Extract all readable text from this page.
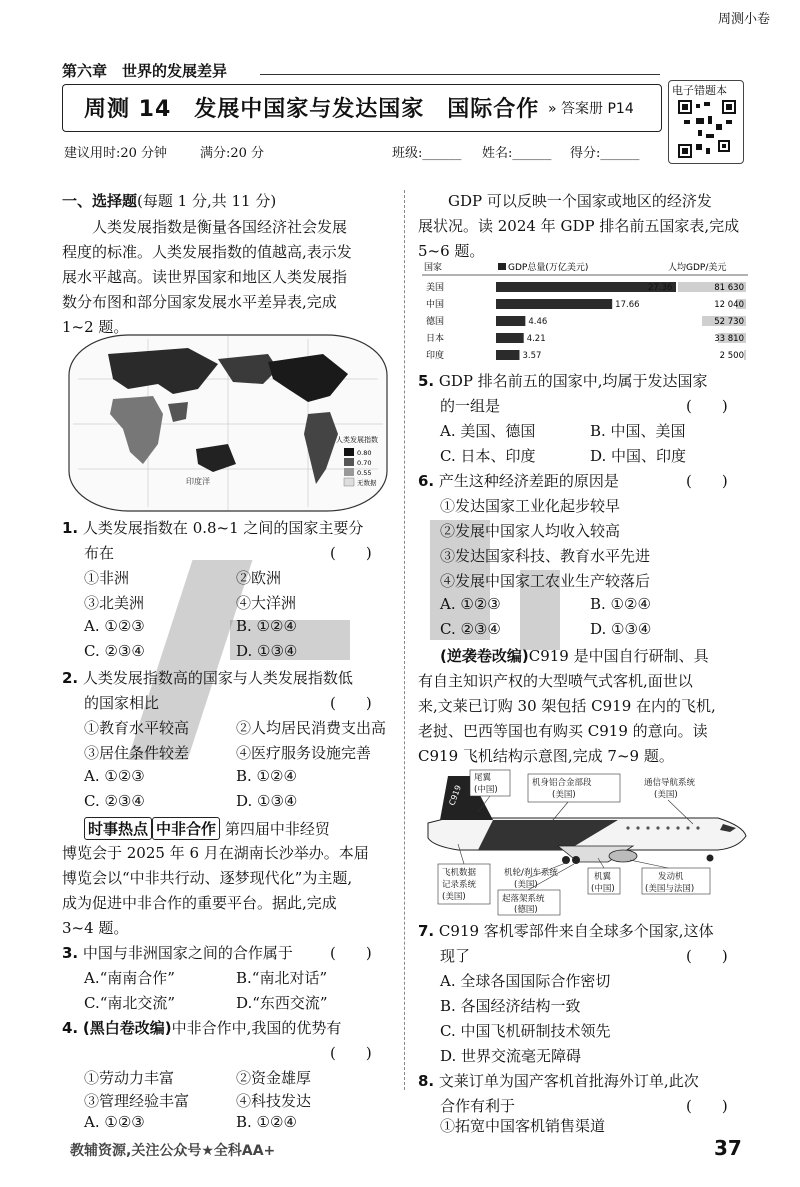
周测小卷
第六章　世界的发展差异
周测 14　发展中国家与发达国家　国际合作 » 答案册 P14
电子错题本
建议用时:20 分钟	满分:20 分	班级:______ 姓名:______ 得分:______
一、选择题(每题 1 分,共 11 分)
人类发展指数是衡量各国经济社会发展
程度的标准。人类发展指数的值越高,表示发
展水平越高。读世界国家和地区人类发展指
数分布图和部分国家发展水平差异表,完成
1~2 题。
印度洋
人类发展指数
0.80
0.70
0.55
无数据
1. 人类发展指数在 0.8~1 之间的国家主要分
布在	(　　)
①非洲	②欧洲
③北美洲	④大洋洲
A. ①②③	B. ①②④
C. ②③④	D. ①③④
2. 人类发展指数高的国家与人类发展指数低
的国家相比	(　　)
①教育水平较高	②人均居民消费支出高
③居住条件较差	④医疗服务设施完善
A. ①②③	B. ①②④
C. ②③④	D. ①③④
时事热点 中非合作 第四届中非经贸
博览会于 2025 年 6 月在湖南长沙举办。本届
博览会以“中非共行动、逐梦现代化”为主题,
成为促进中非合作的重要平台。据此,完成
3~4 题。
3. 中国与非洲国家之间的合作属于 (　　)
A.“南南合作”	B.“南北对话”
C.“南北交流”	D.“东西交流”
4. (黑白卷改编)中非合作中,我国的优势有
(　　)
①劳动力丰富	②资金雄厚
③管理经验丰富	④科技发达
A. ①②③	B. ①②④
GDP 可以反映一个国家或地区的经济发
展状况。读 2024 年 GDP 排名前五国家表,完成
5~6 题。
国家	GDP总量(万亿美元)	人均GDP/美元
美国	27.36	81 630
中国	17.66	12 040
德国	4.46	52 730
日本	4.21	33 810
印度	3.57	2 500
5. GDP 排名前五的国家中,均属于发达国家
的一组是	(　　)
A. 美国、德国	B. 中国、美国
C. 日本、印度	D. 中国、印度
6. 产生这种经济差距的原因是	(　　)
①发达国家工业化起步较早
②发展中国家人均收入较高
③发达国家科技、教育水平先进
④发展中国家工农业生产较落后
A. ①②③	B. ①②④
C. ②③④	D. ①③④
(逆袭卷改编)C919 是中国自行研制、具
有自主知识产权的大型喷气式客机,面世以
来,文莱已订购 30 架包括 C919 在内的飞机,
老挝、巴西等国也有购买 C919 的意向。读
C919 飞机结构示意图,完成 7~9 题。
C919
尾翼
(中国)
机身铝合金部段
(美国)
通信导航系统
(美国)
飞机数据
记录系统
(美国)
机轮/刹车系统
(美国)
起落架系统
(德国)
机翼
(中国)
发动机
(美国与法国)
7. C919 客机零部件来自全球多个国家,这体
现了	(　　)
A. 全球各国国际合作密切
B. 各国经济结构一致
C. 中国飞机研制技术领先
D. 世界交流毫无障碍
8. 文莱订单为国产客机首批海外订单,此次
合作有利于	(　　)
①拓宽中国客机销售渠道
教辅资源,关注公众号★全科AA+	37
